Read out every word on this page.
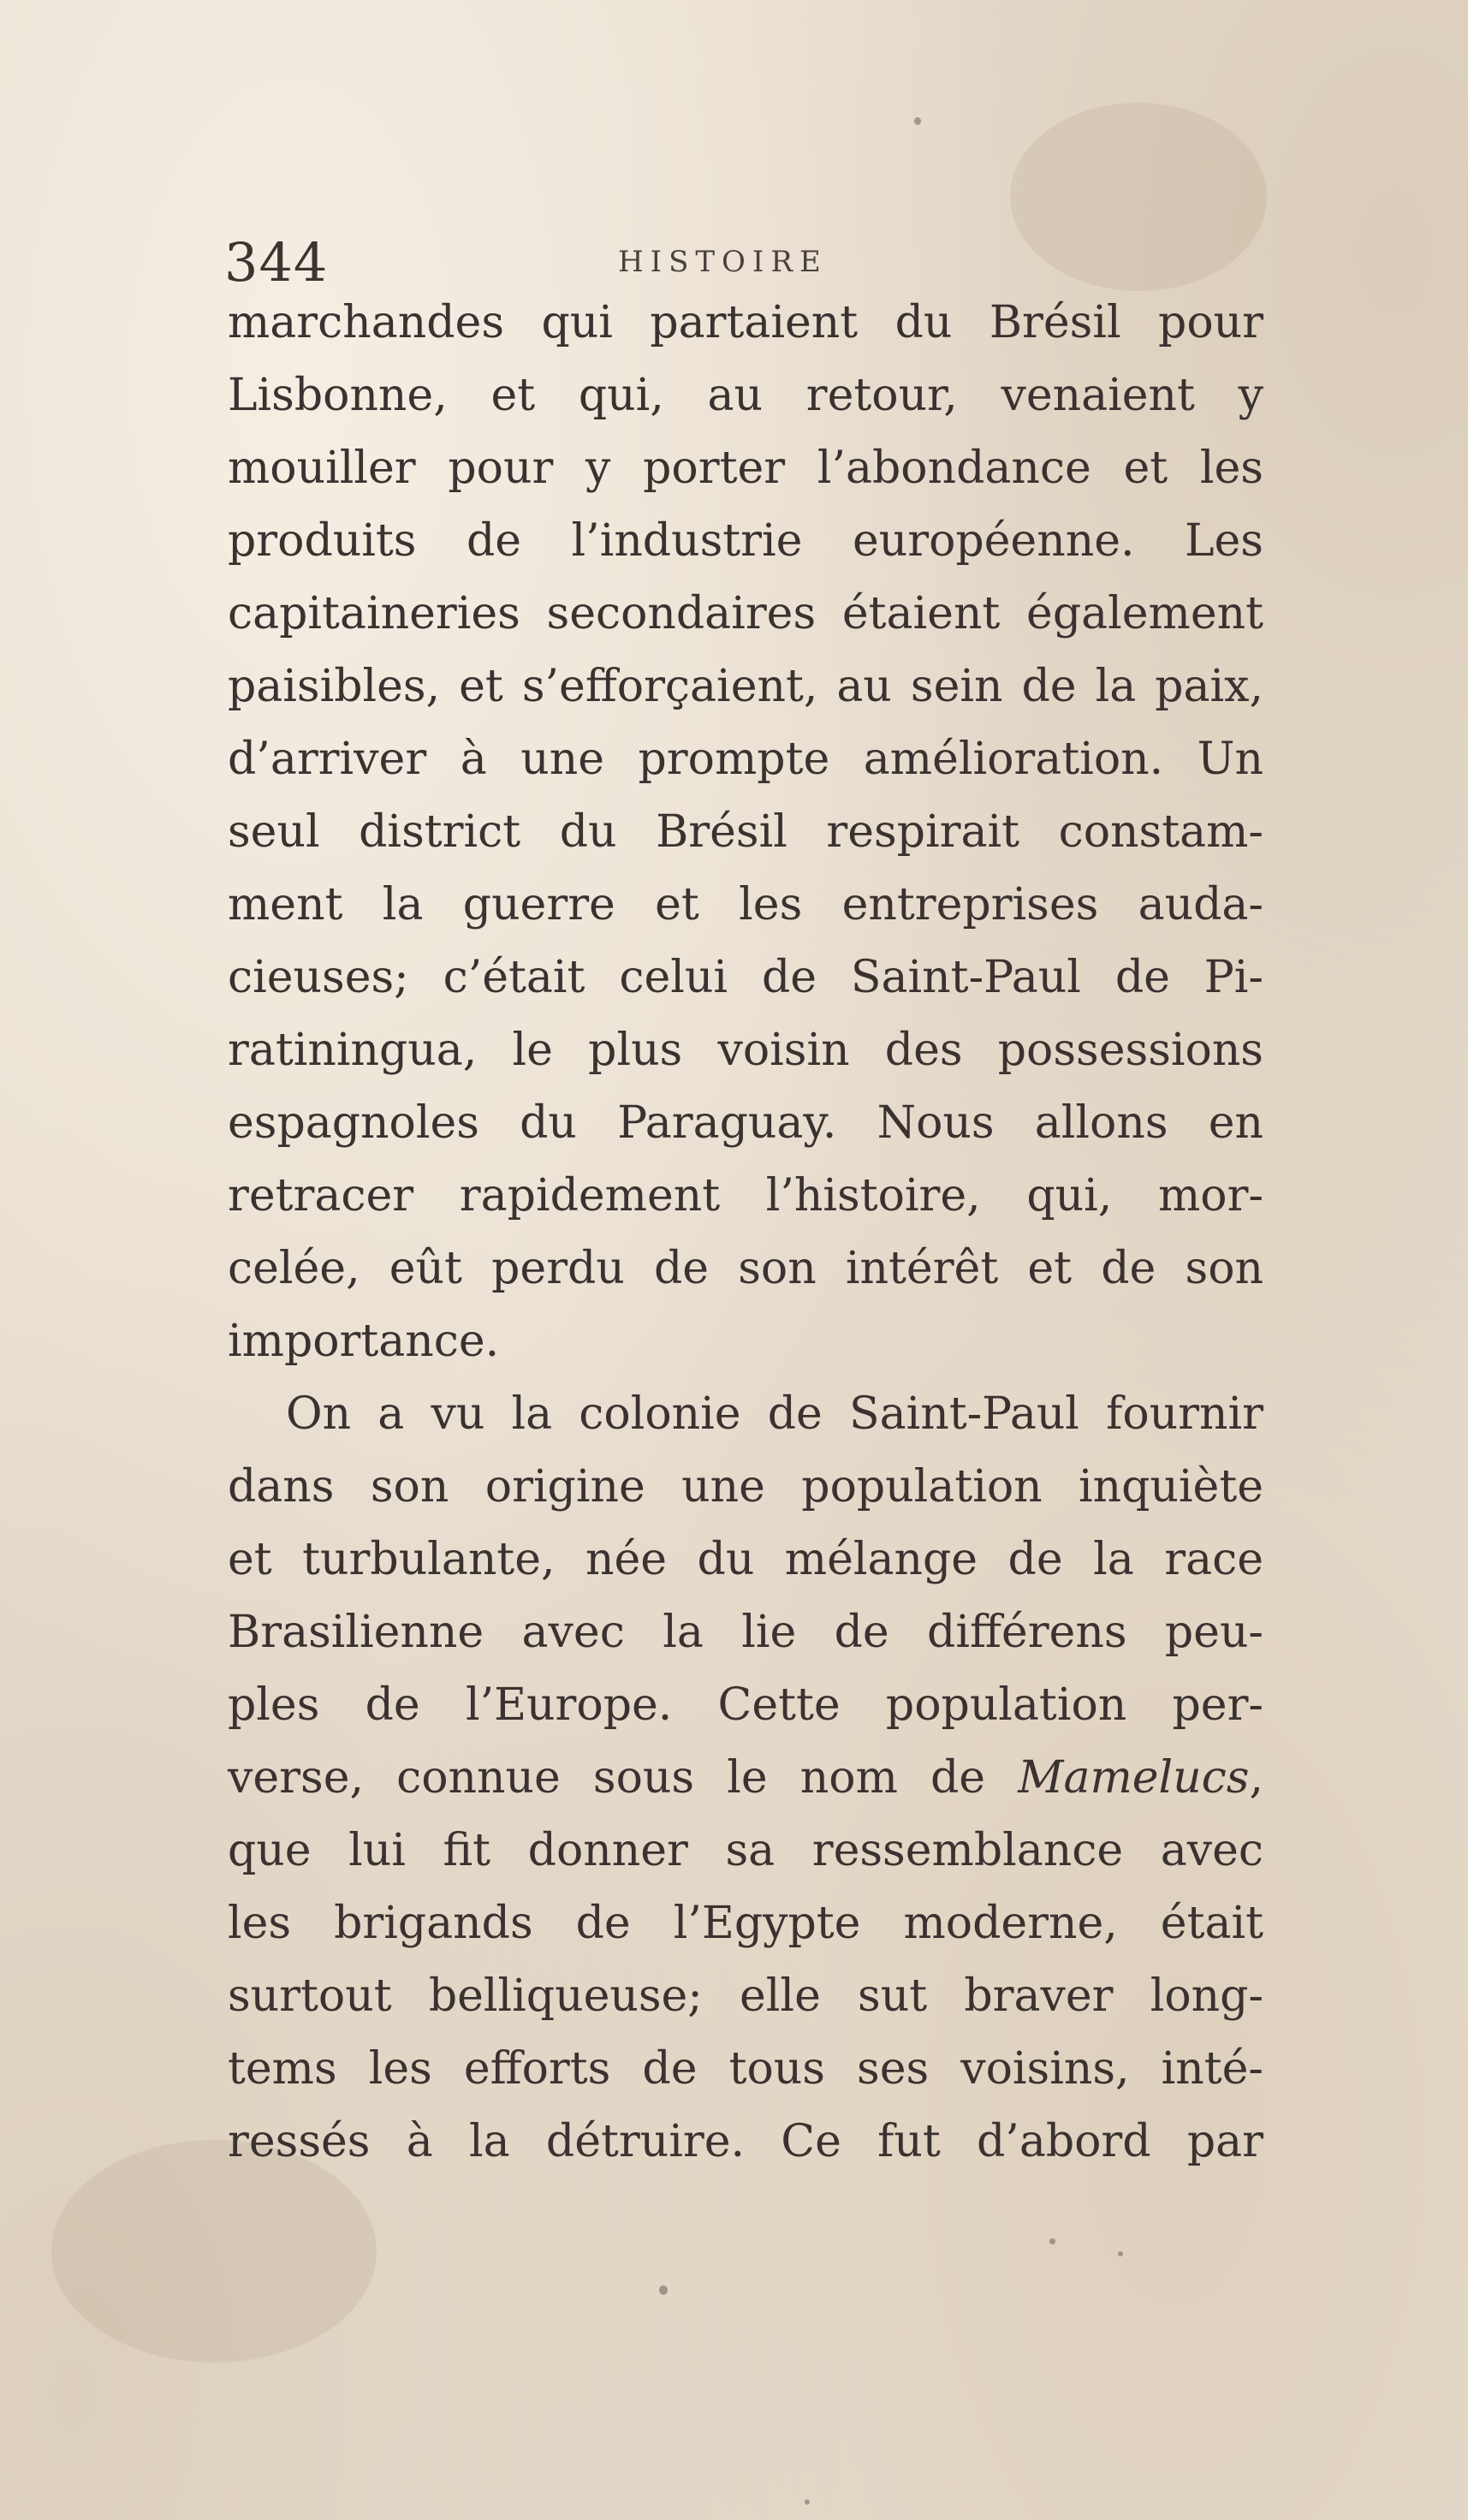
344	HISTOIRE
marchandes qui partaient du Brésil pour
Lisbonne, et qui, au retour, venaient y
mouiller pour y porter l’abondance et les
produits de l’industrie européenne. Les
capitaineries secondaires étaient également
paisibles, et s’efforçaient, au sein de la paix,
d’arriver à une prompte amélioration. Un
seul district du Brésil respirait constam-
ment la guerre et les entreprises auda-
cieuses; c’était celui de Saint-Paul de Pi-
ratiningua, le plus voisin des possessions
espagnoles du Paraguay. Nous allons en
retracer rapidement l’histoire, qui, mor-
celée, eût perdu de son intérêt et de son
importance.
On a vu la colonie de Saint-Paul fournir
dans son origine une population inquiète
et turbulante, née du mélange de la race
Brasilienne avec la lie de différens peu-
ples de l’Europe. Cette population per-
verse, connue sous le nom de Mamelucs,
que lui fit donner sa ressemblance avec
les brigands de l’Egypte moderne, était
surtout belliqueuse; elle sut braver long-
tems les efforts de tous ses voisins, inté-
ressés à la détruire. Ce fut d’abord par
